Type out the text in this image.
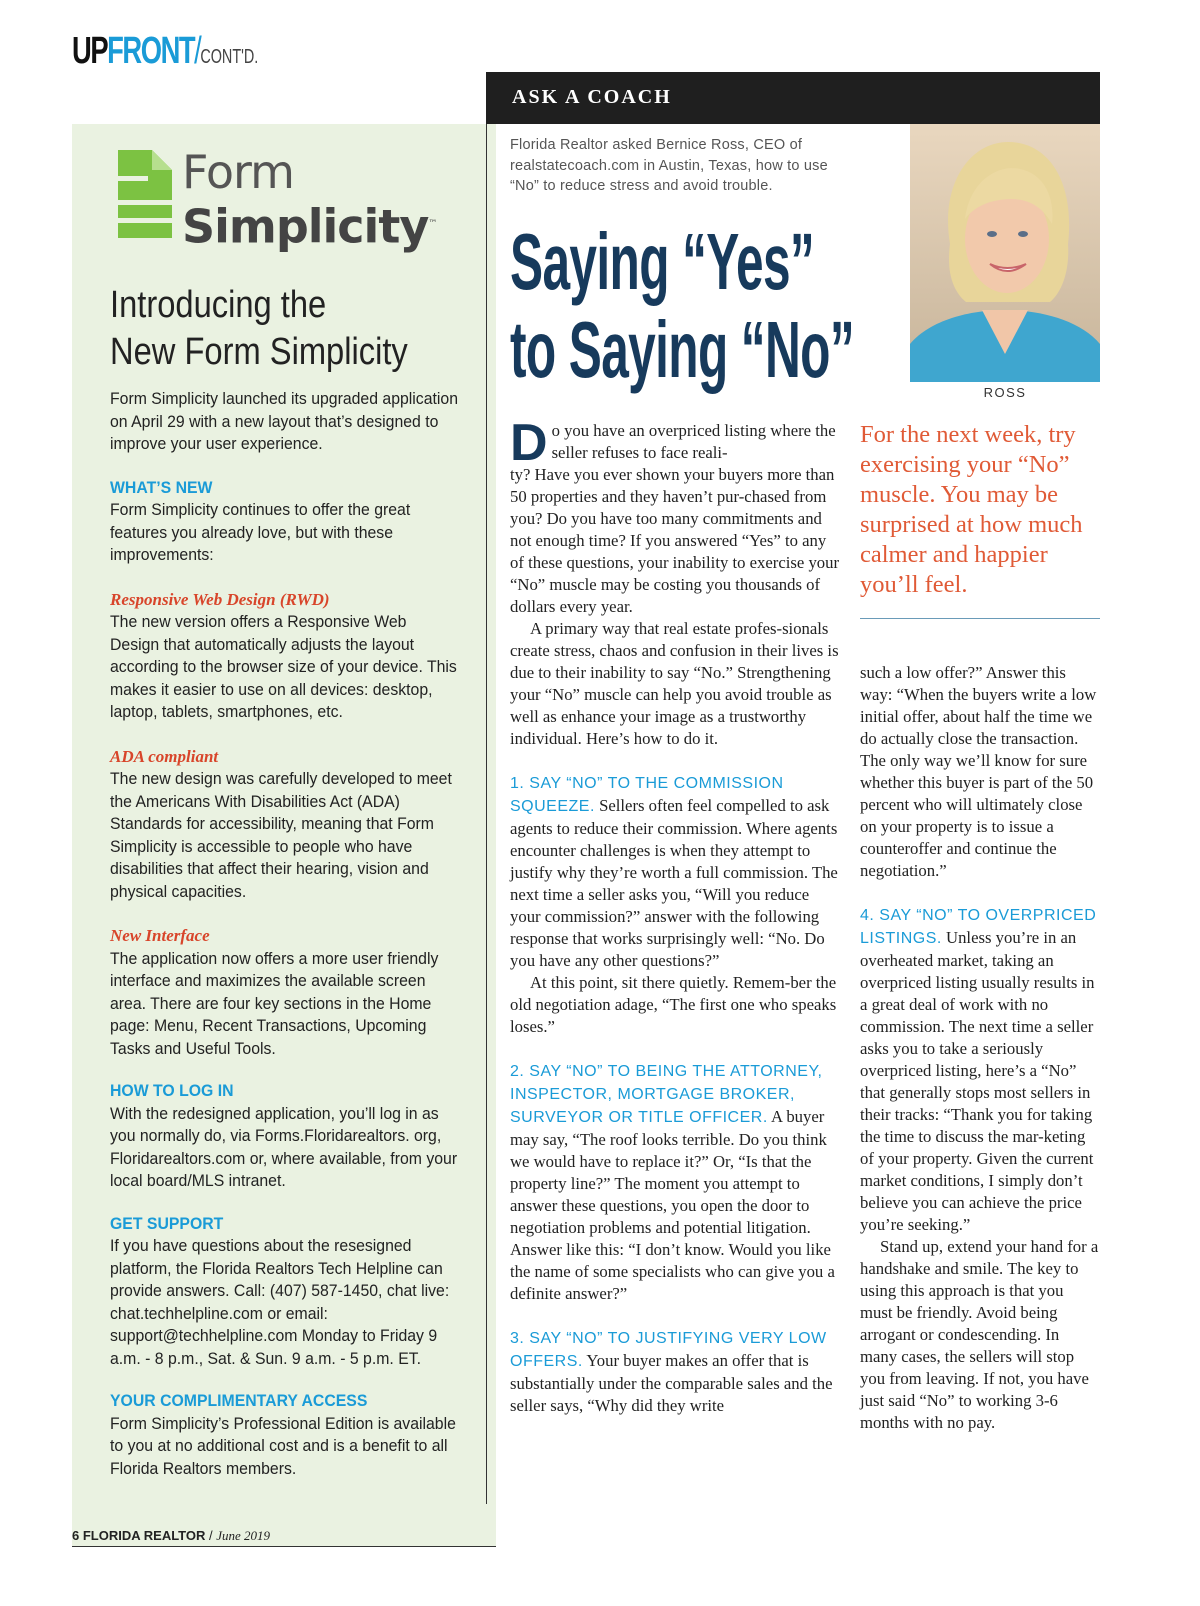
UPFRONT/CONT'D.
Form
Simplicity™
Introducing the
New Form Simplicity

Form Simplicity launched its upgraded application on April 29 with a new layout that’s designed to improve your user experience.

WHAT’S NEW

Form Simplicity continues to offer the great features you already love, but with these improvements:

Responsive Web Design (RWD)

The new version offers a Responsive Web Design that automatically adjusts the layout according to the browser size of your device. This makes it easier to use on all devices: desktop, laptop, tablets, smartphones, etc.

ADA compliant

The new design was carefully developed to meet the Americans With Disabilities Act (ADA) Standards for accessibility, meaning that Form Simplicity is accessible to people who have disabilities that affect their hearing, vision and physical capacities.

New Interface

The application now offers a more user friendly interface and maximizes the available screen area. There are four key sections in the Home page: Menu, Recent Transactions, Upcoming Tasks and Useful Tools.

HOW TO LOG IN

With the redesigned application, you’ll log in as you normally do, via Forms.Floridarealtors. org, Floridarealtors.com or, where available, from your local board/MLS intranet.

GET SUPPORT

If you have questions about the resesigned platform, the Florida Realtors Tech Helpline can provide answers. Call: (407) 587-1450, chat live: chat.techhelpline.com or email: support@techhelpline.com Monday to Friday 9 a.m. - 8 p.m., Sat. & Sun. 9 a.m. - 5 p.m. ET.

YOUR COMPLIMENTARY ACCESS

Form Simplicity’s Professional Edition is available to you at no additional cost and is a benefit to all Florida Realtors members.

ASK A COACH
Florida Realtor asked Bernice Ross, CEO of realstatecoach.com in Austin, Texas, how to use “No” to reduce stress and avoid trouble.
Saying “Yes”
to Saying “No”	ROSS
For the next week, try exercising your “No” muscle. You may be surprised at how much calmer and happier you’ll feel.

Do you have an overpriced listing where the seller refuses to face reali-

ty? Have you ever shown your buyers more than 50 properties and they haven’t pur-chased from you? Do you have too many commitments and not enough time? If you answered “Yes” to any of these questions, your inability to exercise your “No” muscle may be costing you thousands of dollars every year.

A primary way that real estate profes-sionals create stress, chaos and confusion in their lives is due to their inability to say “No.” Strengthening your “No” muscle can help you avoid trouble as well as enhance your image as a trustworthy individual. Here’s how to do it.

1. SAY “NO” TO THE COMMISSION SQUEEZE. Sellers often feel compelled to ask agents to reduce their commission. Where agents encounter challenges is when they attempt to justify why they’re worth a full commission. The next time a seller asks you, “Will you reduce your commission?” answer with the following response that works surprisingly well: “No. Do you have any other questions?”

At this point, sit there quietly. Remem-ber the old negotiation adage, “The first one who speaks loses.”

2. SAY “NO” TO BEING THE ATTORNEY, INSPECTOR, MORTGAGE BROKER, SURVEYOR OR TITLE OFFICER. A buyer may say, “The roof looks terrible. Do you think we would have to replace it?” Or, “Is that the property line?” The moment you attempt to answer these questions, you open the door to negotiation problems and potential litigation. Answer like this: “I don’t know. Would you like the name of some specialists who can give you a definite answer?”

3. SAY “NO” TO JUSTIFYING VERY LOW OFFERS. Your buyer makes an offer that is substantially under the comparable sales and the seller says, “Why did they write

such a low offer?” Answer this way: “When the buyers write a low initial offer, about half the time we do actually close the transaction. The only way we’ll know for sure whether this buyer is part of the 50 percent who will ultimately close on your property is to issue a counteroffer and continue the negotiation.”

4. SAY “NO” TO OVERPRICED LISTINGS. Unless you’re in an overheated market, taking an overpriced listing usually results in a great deal of work with no commission. The next time a seller asks you to take a seriously overpriced listing, here’s a “No” that generally stops most sellers in their tracks: “Thank you for taking the time to discuss the mar-keting of your property. Given the current market conditions, I simply don’t believe you can achieve the price you’re seeking.”

Stand up, extend your hand for a handshake and smile. The key to using this approach is that you must be friendly. Avoid being arrogant or condescending. In many cases, the sellers will stop you from leaving. If not, you have just said “No” to working 3-6 months with no pay.

6 FLORIDA REALTOR / June 2019
